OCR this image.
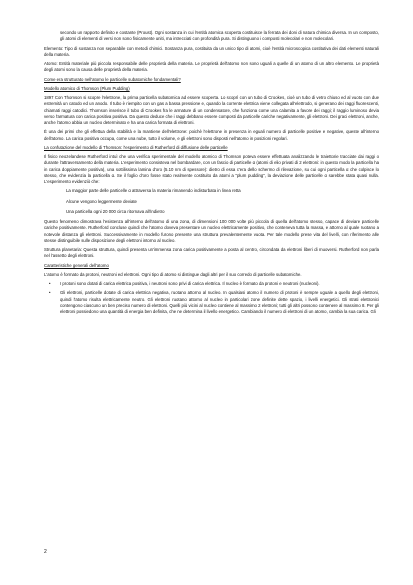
secondo un rapporto definito e costante (Proust). Ogni sostanza in cui l'entità atomica scoperta costituisce la ferrata dei doni di natura chimica diversa. In un composto, gli atomi di elementi di versi non sono fisicamente uniti, ma intrecciati con profondità pura. Si distinguono i composti molecolari e non molecolari.

Elemento: Tipo di sostanza non separabile con metodi chimici. Sostanza pura, costituita da un unico tipo di atomi, cioè l'entità microscopica costitutiva dei dati elementi naturali della materia.

Atomo: Entità materiale più piccola responsabile delle proprietà della materia. Le proprietà dell'atomo non sono uguali a quelle di un atomo di un altro elemento. Le proprietà degli atomi sono la causa delle proprietà della materia.

Come era strutturato nell'atomo le particelle subatomiche fondamentali?

Modello atomico di Thomson (Plum Pudding)

1897 Con Thomson si scopre l'elettrone, la prima particella subatomica ad essere scoperta. Lo scoprì con un tubo di Crookes, cioè un tubo di vetro chiuso ed al vuoto con due estremità un catodo ed un anodo. Il tubo è riempito con un gas a bassa pressione e, quando la corrente elettrica viene collegata all'elettrodo, si generano dei raggi fluorescenti, chiamati raggi catodici. Thomson inserisce il tubo di Crookes fra le armature di un condensatore, che funziona come una calamita a favore dei raggi; il raggio luminoso devia verso l'armatura con carica positiva positiva. Da questo deduce che i raggi debbano essere composti da particelle cariche negativamente, gli elettroni. Dei graci elettroni, anche, anche l'atomo abbia un nucleo determinato e ha una carica formata di elettroni.

È una dei primi che gli effettua della stabilità e la mantiene dell'elettrone: poichè l'elettrone in presenza in eguali numero di particelle positive e negative, queste all'interno dell'atomo. La carica positiva occupa, come una nube, tutto il volume, e gli elettroni sono disposti nell'atomo in posizioni regolari.

La confutazione del modello di Thomson: l'esperimento di Rutherford di diffusione delle particelle

Il fisico neozelandese Rutherford intuì che una verifica sperimentale del modello atomico di Thomson poteva essere effettuata analizzando le traiettorie tracciate dai raggi o durante l'attraversamento della materia. L'esperimento consisteva nel bombardare, con un fascio di particelle α (atomi di elio privati di 2 elettroni: in questo modo la particella ha in carica doppiamente positiva), una sottilissima lamina d'oro (5.10 nm di spessore): dietro di essa c'era dello schermo di rilevazione, su cui ogni particella α che colpisce lo stesso, che evidenzia la particella α. Se il foglio d'oro fosse stato realmente costituito da atomi a "plum pudding", la deviazione delle particelle α sarebbe stata quasi nulla. L'esperimento evidenziò che:

La maggior parte delle particelle α attraversa la materia rimanendo indisturbata in linea retta
Alcune vengono leggermente deviate
Una particella ogni 20 000 circa ritornava all'indietro

Questo fenomeno dimostrava l'esistenza all'interno dell'atomo di una zona, di dimensioni 100 000 volte più piccola di quella dell'atomo stesso, capace di deviare particelle cariche positivamente. Rutherford concluse quindi che l'atomo doveva presentare un nucleo elettricamente positivo, che conteneva tutta la massa, e attorno al quale ruotano a notevole distanza gli elettroni. Successivamente in modello furono presente una struttura prevalentemente vuota. Per tale modello prese vita del livelli, con riferimento alle stesse distinguibile sulle disposizione degli elettroni intorno al nucleo.

Struttura planetaria: Questa struttura, quindi presenta un'immensa zona carica positivamente a posta al centro, circondata da elettroni liberi di muoversi. Rutherford non parla nel l'assetto degli elettroni.

Caratteristiche generali dell'atomo

L'atomo è formato da protoni, neutroni ed elettroni. Ogni tipo di atomo si distingue dagli altri per il suo corredo di particelle subatomiche.

• I protoni sono dotati di carica elettrica positiva, i neutroni sono privi di carica elettrica. Il nucleo è formato da protoni e neutroni (nucleoni).
• Gli elettroni, particelle dotate di carica elettrica negativa, ruotano attorno al nucleo. In qualsiasi atomo il numero di protoni è sempre uguale a quello degli elettroni, quindi l'atomo risulta elettricamente neutro. Gli elettroni ruotano attorno al nucleo in particolari zone definite dette spazio, i livelli energetici. Gli strati elettronici contengono ciascuno un ben preciso numero di elettroni. Quelli più vicini al nucleo contiene al massimo 2 elettroni; tutti gli altri possono contenere al massimo 8. Per gli elettroni possiedono una quantità di energia ben definita, che ne determina il livello energetico. Cambiando il numero di elettroni di un atomo, cambia la sua carica. Gli
2
